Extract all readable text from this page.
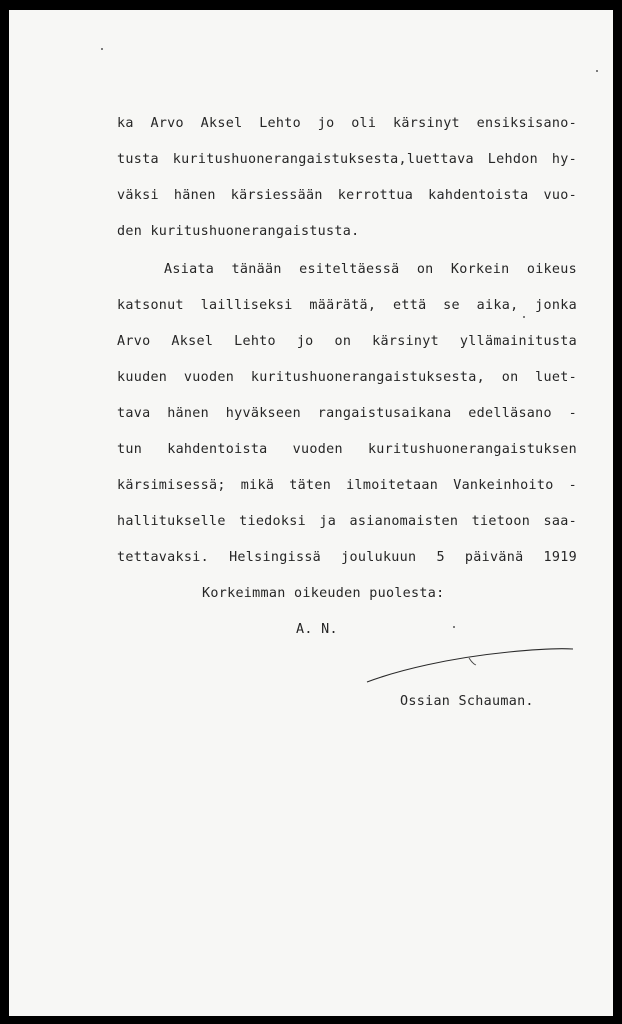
ka Arvo Aksel Lehto jo oli kärsinyt ensiksisano-
tusta kuritushuonerangaistuksesta,luettava Lehdon hy-
väksi hänen kärsiessään kerrottua kahdentoista vuo-
den kuritushuonerangaistusta.
Asiata tänään esiteltäessä on Korkein oikeus
katsonut lailliseksi määrätä, että se aika, jonka
Arvo Aksel Lehto jo on kärsinyt yllämainitusta
kuuden vuoden kuritushuonerangaistuksesta, on luet-
tava hänen hyväkseen rangaistusaikana edelläsano -
tun kahdentoista vuoden kuritushuonerangaistuksen
kärsimisessä; mikä täten ilmoitetaan Vankeinhoito -
hallitukselle tiedoksi ja asianomaisten tietoon saa-
tettavaksi. Helsingissä joulukuun 5 päivänä 1919
Korkeimman oikeuden puolesta:
A. N.
Ossian Schauman.
